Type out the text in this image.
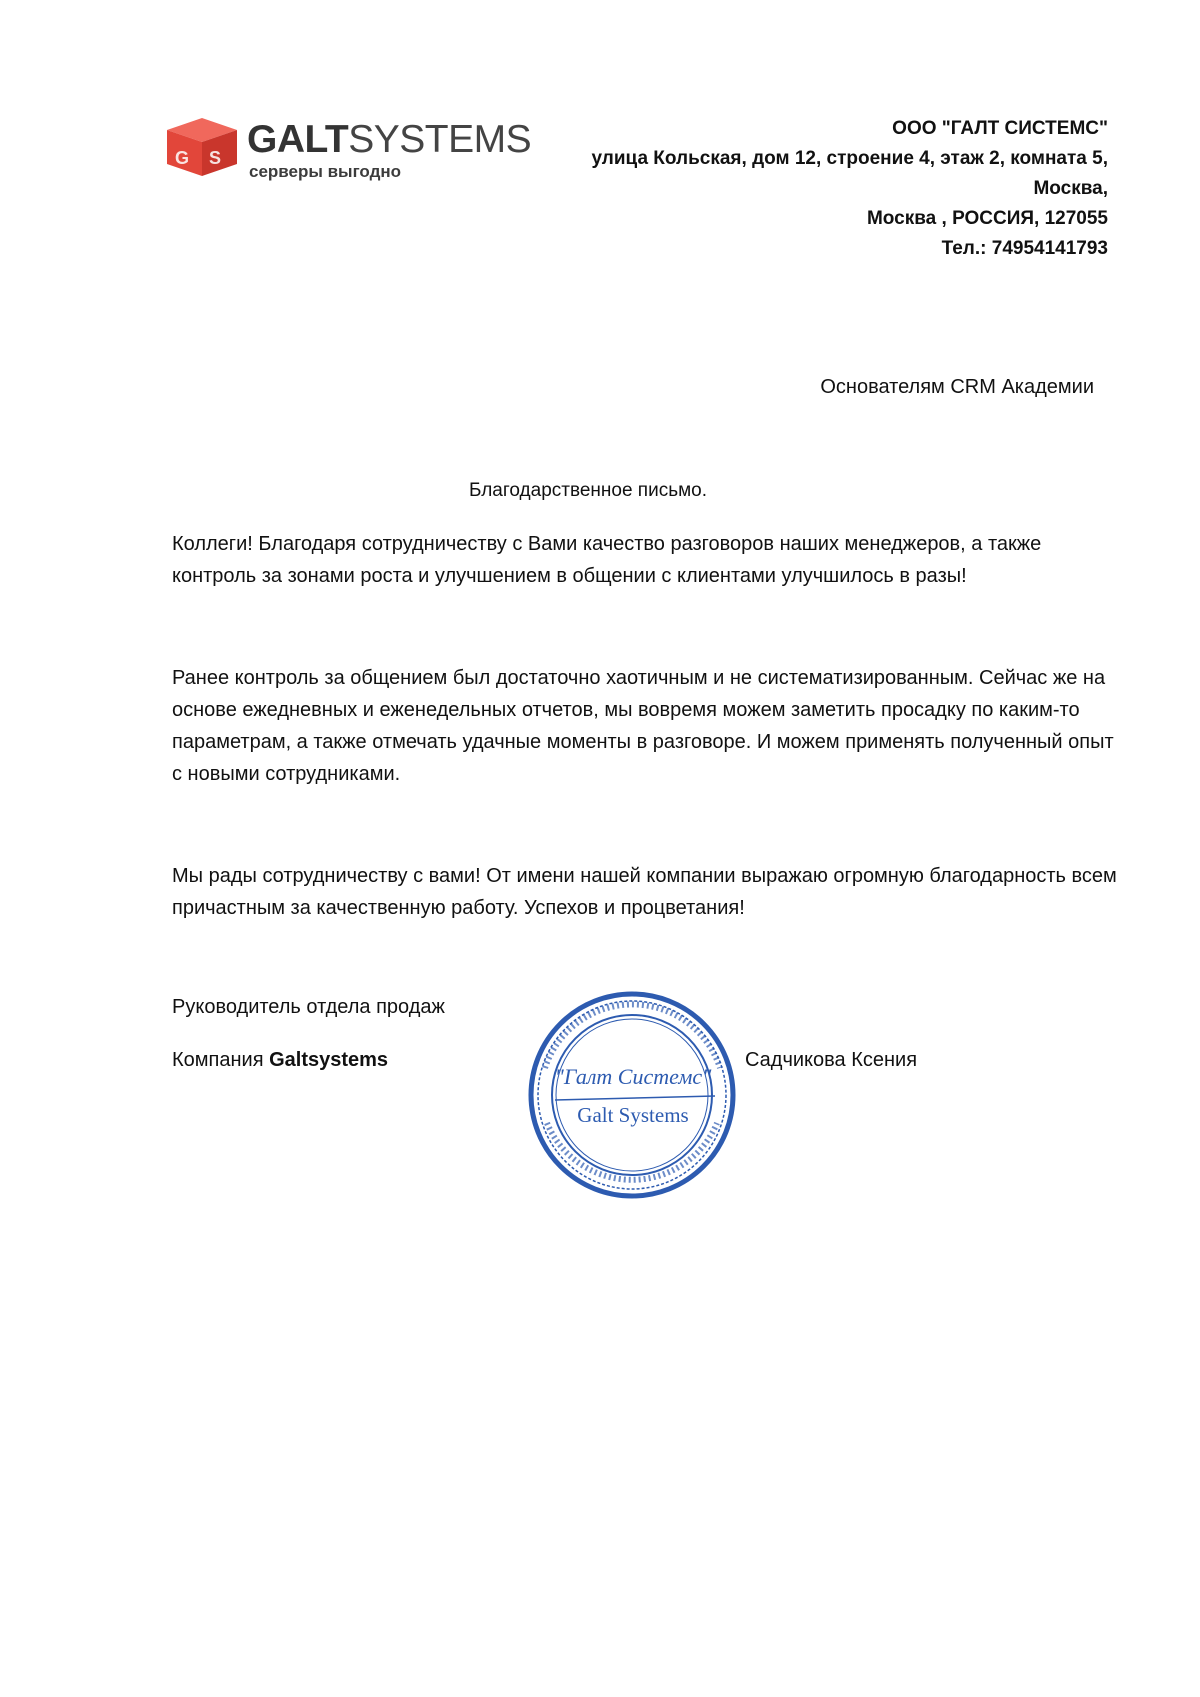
G S GALTSYSTEMS
серверы выгодно
ООО "ГАЛТ СИСТЕМС"
улица Кольская, дом 12, строение 4, этаж 2, комната 5,
Москва,
Москва , РОССИЯ, 127055
Тел.: 74954141793
Основателям CRM Академии
Благодарственное письмо.
Коллеги! Благодаря сотрудничеству с Вами качество разговоров наших менеджеров, а также контроль за зонами роста и улучшением в общении с клиентами улучшилось в разы!
Ранее контроль за общением был достаточно хаотичным и не систематизированным. Сейчас же на основе ежедневных и еженедельных отчетов, мы вовремя можем заметить просадку по каким-то параметрам, а также отмечать удачные моменты в разговоре. И можем применять полученный опыт с новыми сотрудниками.
Мы рады сотрудничеству с вами! От имени нашей компании выражаю огромную благодарность всем причастным за качественную работу. Успехов и процветания!
Руководитель отдела продаж
Компания Galtsystems
"Галт Системс"
Galt Systems
Садчикова Ксения
